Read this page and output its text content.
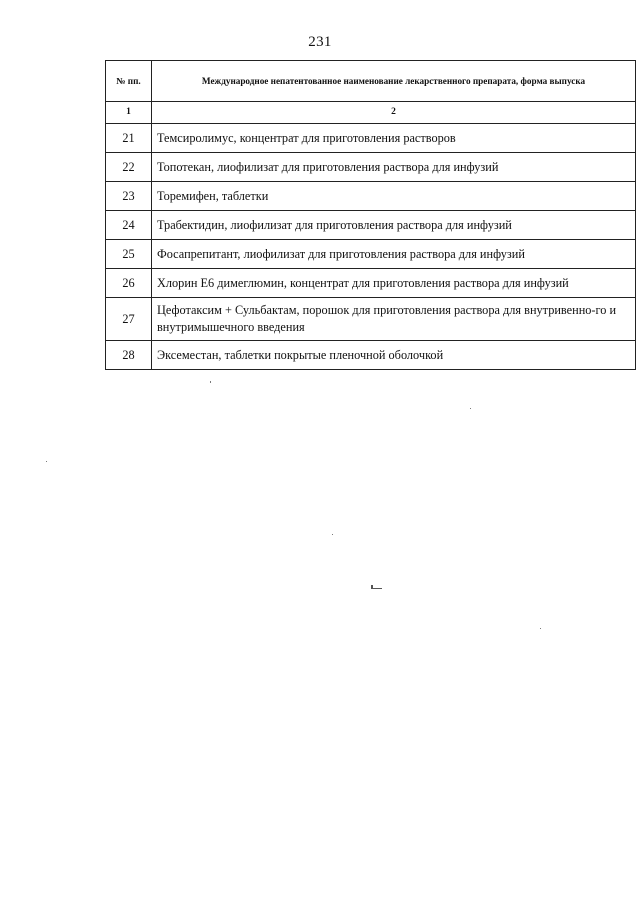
231
№ пп.	Международное непатентованное наименование лекарственного препарата, форма выпуска
1	2
21	Темсиролимус, концентрат для приготовления растворов
22	Топотекан, лиофилизат для приготовления раствора для инфузий
23	Торемифен, таблетки
24	Трабектидин, лиофилизат для приготовления раствора для инфузий
25	Фосапрепитант, лиофилизат для приготовления раствора для инфузий
26	Хлорин Е6 димеглюмин, концентрат для приготовления раствора для инфузий
27	Цефотаксим + Сульбактам, порошок для приготовления раствора для внутривенно-го и внутримышечного введения
28	Эксеместан, таблетки покрытые пленочной оболочкой
